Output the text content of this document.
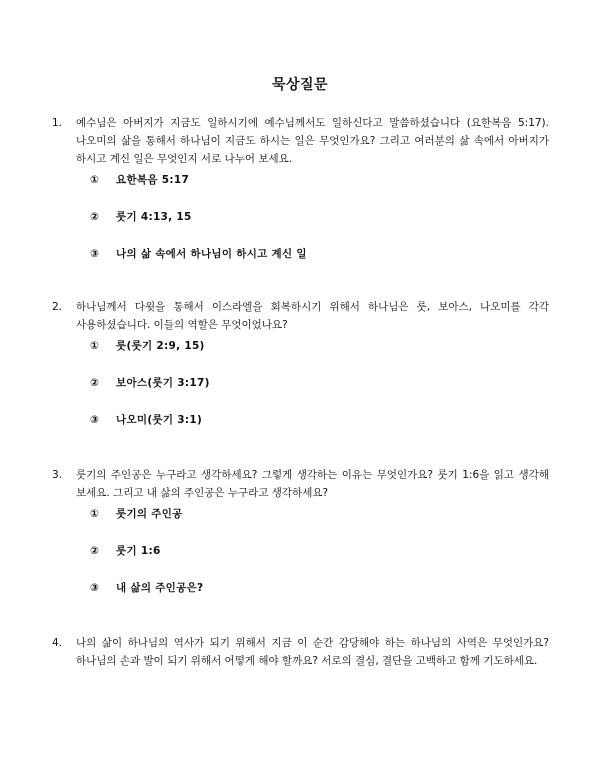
묵상질문
1. 예수님은 아버지가 지금도 일하시기에 예수님께서도 일하신다고 말씀하셨습니다 (요한복음 5:17). 나오미의 삶을 통해서 하나님이 지금도 하시는 일은 무엇인가요? 그리고 여러분의 삶 속에서 아버지가 하시고 계신 일은 무엇인지 서로 나누어 보세요.
①	요한복음 5:17
②	룻기 4:13, 15
③	나의 삶 속에서 하나님이 하시고 계신 일
2. 하나님께서 다윗을 통해서 이스라엘을 회복하시기 위해서 하나님은 룻, 보아스, 나오미를 각각 사용하셨습니다. 이들의 역할은 무엇이었나요?
①	룻(룻기 2:9, 15)
②	보아스(룻기 3:17)
③	나오미(룻기 3:1)
3. 룻기의 주인공은 누구라고 생각하세요? 그렇게 생각하는 이유는 무엇인가요? 룻기 1:6을 읽고 생각해 보세요. 그리고 내 삶의 주인공은 누구라고 생각하세요?
①	룻기의 주인공
②	룻기 1:6
③	내 삶의 주인공은?
4. 나의 삶이 하나님의 역사가 되기 위해서 지금 이 순간 감당해야 하는 하나님의 사역은 무엇인가요? 하나님의 손과 발이 되기 위해서 어떻게 해야 할까요? 서로의 결심, 결단을 고백하고 함께 기도하세요.
